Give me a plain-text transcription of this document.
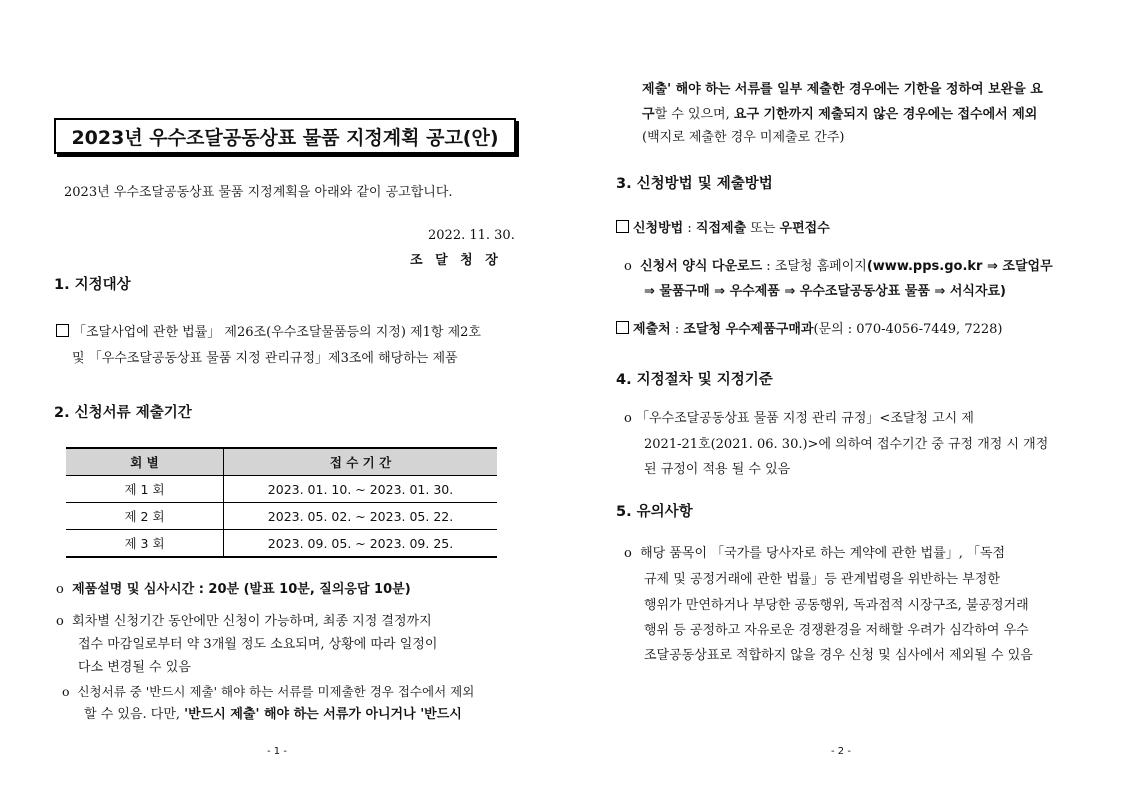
2023년 우수조달공동상표 물품 지정계획 공고(안)
2023년 우수조달공동상표 물품 지정계획을 아래와 같이 공고합니다.
2022. 11. 30.
조 달 청 장
1. 지정대상
「조달사업에 관한 법률」 제26조(우수조달물품등의 지정) 제1항 제2호
및 「우수조달공동상표 물품 지정 관리규정」제3조에 해당하는 제품
2. 신청서류 제출기간
회 별	접 수 기 간
제 1 회	2023. 01. 10. ~ 2023. 01. 30.
제 2 회	2023. 05. 02. ~ 2023. 05. 22.
제 3 회	2023. 09. 05. ~ 2023. 09. 25.
o 제품설명 및 심사시간 : 20분 (발표 10분, 질의응답 10분)
o 회차별 신청기간 동안에만 신청이 가능하며, 최종 지정 결정까지
접수 마감일로부터 약 3개월 정도 소요되며, 상황에 따라 일정이
다소 변경될 수 있음
o 신청서류 중 '반드시 제출' 해야 하는 서류를 미제출한 경우 접수에서 제외
할 수 있음. 다만, '반드시 제출' 해야 하는 서류가 아니거나 '반드시
- 1 -
제출' 해야 하는 서류를 일부 제출한 경우에는 기한을 정하여 보완을 요
구할 수 있으며, 요구 기한까지 제출되지 않은 경우에는 접수에서 제외
(백지로 제출한 경우 미제출로 간주)
3. 신청방법 및 제출방법
신청방법 : 직접제출 또는 우편접수
o 신청서 양식 다운로드 : 조달청 홈페이지(www.pps.go.kr ⇒ 조달업무
⇒ 물품구매 ⇒ 우수제품 ⇒ 우수조달공동상표 물품 ⇒ 서식자료)
제출처 : 조달청 우수제품구매과(문의 : 070-4056-7449, 7228)
4. 지정절차 및 지정기준
o 「우수조달공동상표 물품 지정 관리 규정」<조달청 고시 제
2021-21호(2021. 06. 30.)>에 의하여 접수기간 중 규정 개정 시 개정
된 규정이 적용 될 수 있음
5. 유의사항
o 해당 품목이 「국가를 당사자로 하는 계약에 관한 법률」, 「독점
규제 및 공정거래에 관한 법률」등 관계법령을 위반하는 부정한
행위가 만연하거나 부당한 공동행위, 독과점적 시장구조, 불공정거래
행위 등 공정하고 자유로운 경쟁환경을 저해할 우려가 심각하여 우수
조달공동상표로 적합하지 않을 경우 신청 및 심사에서 제외될 수 있음
- 2 -
